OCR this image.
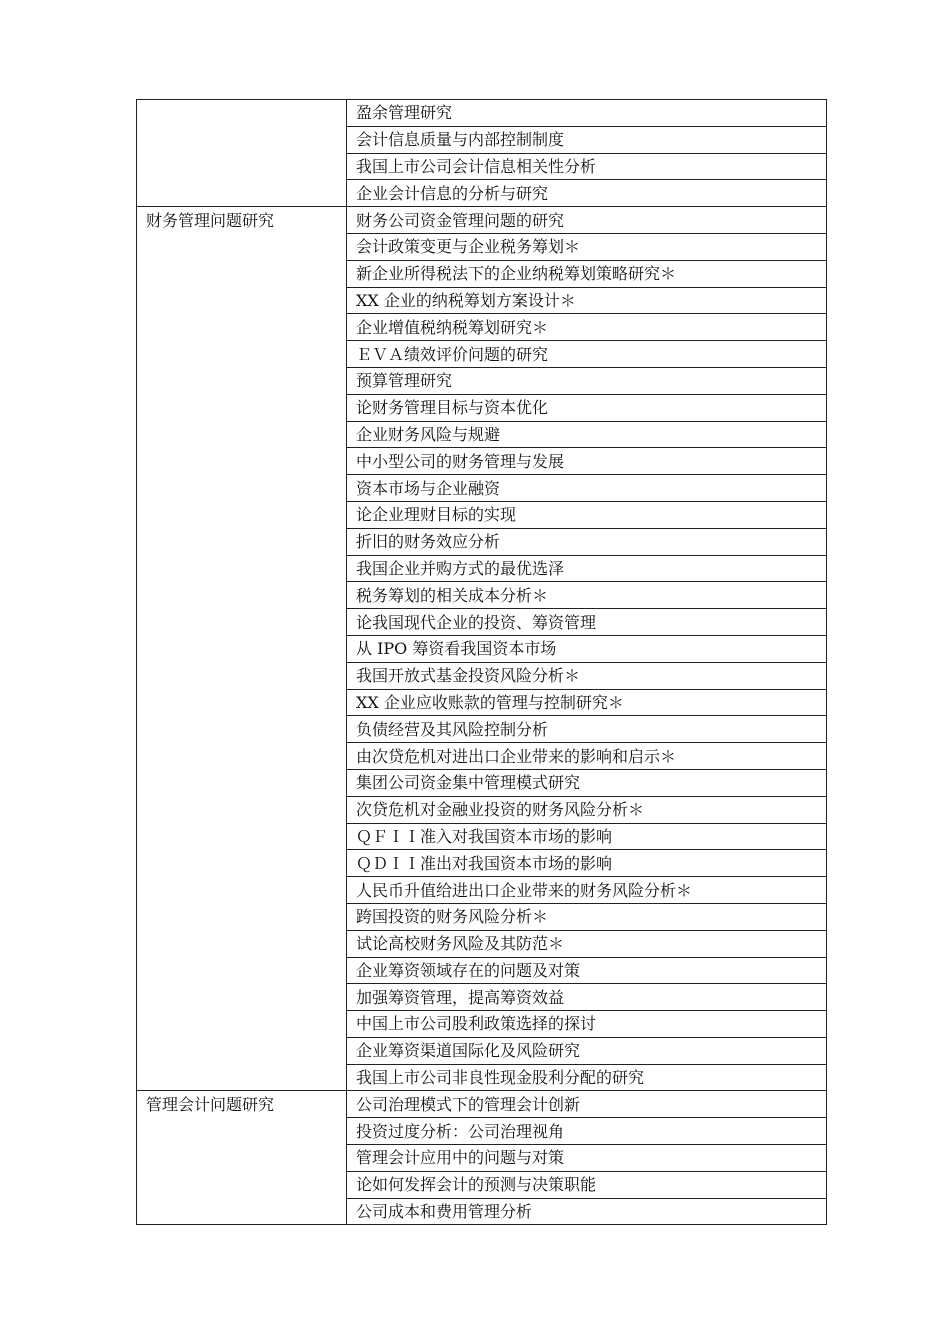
	盈余管理研究
	会计信息质量与内部控制制度
	我国上市公司会计信息相关性分析
	企业会计信息的分析与研究
财务管理问题研究	财务公司资金管理问题的研究
	会计政策变更与企业税务筹划＊
	新企业所得税法下的企业纳税筹划策略研究＊
	XX 企业的纳税筹划方案设计＊
	企业增值税纳税筹划研究＊
	ＥＶＡ绩效评价问题的研究
	预算管理研究
	论财务管理目标与资本优化
	企业财务风险与规避
	中小型公司的财务管理与发展
	资本市场与企业融资
	论企业理财目标的实现
	折旧的财务效应分析
	我国企业并购方式的最优选泽
	税务筹划的相关成本分析＊
	论我国现代企业的投资、筹资管理
	从 IPO 筹资看我国资本市场
	我国开放式基金投资风险分析＊
	XX 企业应收账款的管理与控制研究＊
	负债经营及其风险控制分析
	由次贷危机对进出口企业带来的影响和启示＊
	集团公司资金集中管理模式研究
	次贷危机对金融业投资的财务风险分析＊
	ＱＦＩＩ准入对我国资本市场的影响
	ＱＤＩＩ准出对我国资本市场的影响
	人民币升值给进出口企业带来的财务风险分析＊
	跨国投资的财务风险分析＊
	试论高校财务风险及其防范＊
	企业筹资领域存在的问题及对策
	加强筹资管理，提高筹资效益
	中国上市公司股利政策选择的探讨
	企业筹资渠道国际化及风险研究
	我国上市公司非良性现金股利分配的研究
管理会计问题研究	公司治理模式下的管理会计创新
	投资过度分析：公司治理视角
	管理会计应用中的问题与对策
	论如何发挥会计的预测与决策职能
	公司成本和费用管理分析
